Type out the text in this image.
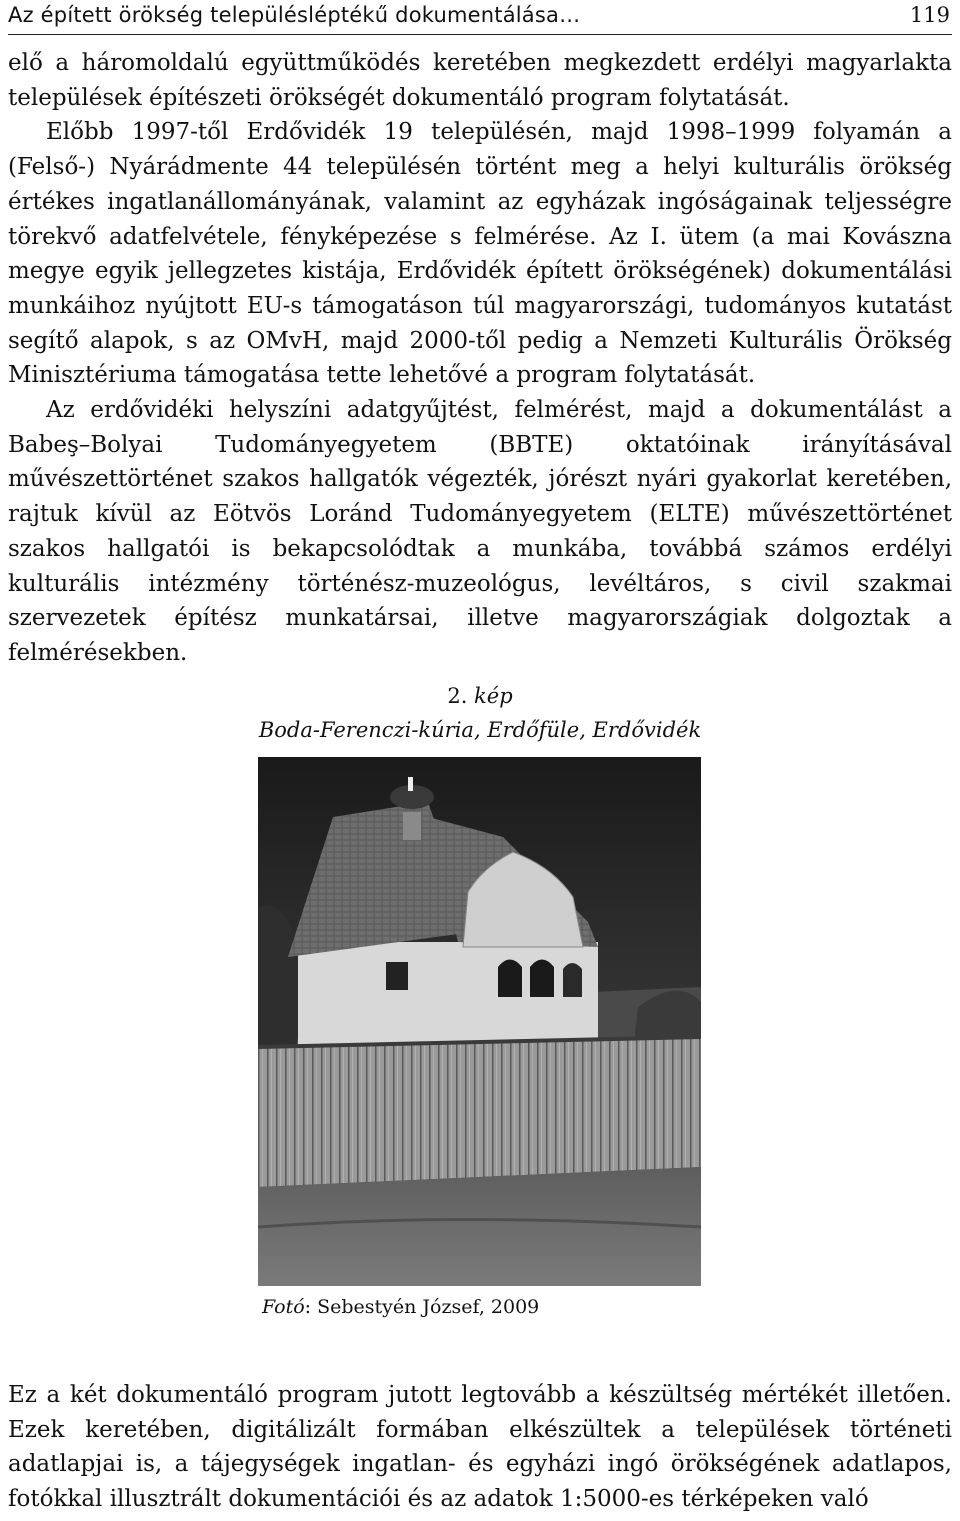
Az épített örökség településléptékű dokumentálása…	119

elő a háromoldalú együttműködés keretében megkezdett erdélyi magyarlakta települések építészeti örökségét dokumentáló program folytatását.

Előbb 1997-től Erdővidék 19 településén, majd 1998–1999 folyamán a (Felső-) Nyárádmente 44 településén történt meg a helyi kulturális örökség értékes ingatlanállományának, valamint az egyházak ingóságainak teljességre törekvő adatfelvétele, fényképezése s felmérése. Az I. ütem (a mai Kovászna megye egyik jellegzetes kistája, Erdővidék épített örökségének) dokumentálási munkáihoz nyújtott EU-s támogatáson túl magyarországi, tudományos kutatást segítő alapok, s az OMvH, majd 2000-től pedig a Nemzeti Kulturális Örökség Minisztériuma támogatása tette lehetővé a program folytatását.

Az erdővidéki helyszíni adatgyűjtést, felmérést, majd a dokumentálást a Babeş–Bolyai Tudományegyetem (BBTE) oktatóinak irányításával művészettörténet szakos hallgatók végezték, jórészt nyári gyakorlat keretében, rajtuk kívül az Eötvös Loránd Tudományegyetem (ELTE) művészettörténet szakos hallgatói is bekapcsolódtak a munkába, továbbá számos erdélyi kulturális intézmény történész-muzeológus, levéltáros, s civil szakmai szervezetek építész munkatársai, illetve magyarországiak dolgoztak a felmérésekben.

2. kép
Boda-Ferenczi-kúria, Erdőfüle, Erdővidék
Fotó: Sebestyén József, 2009

Ez a két dokumentáló program jutott legtovább a készültség mértékét illetően. Ezek keretében, digitálizált formában elkészültek a települések történeti adatlapjai is, a tájegységek ingatlan- és egyházi ingó örökségének adatlapos, fotókkal illusztrált dokumentációi és az adatok 1:5000-es térképeken való
